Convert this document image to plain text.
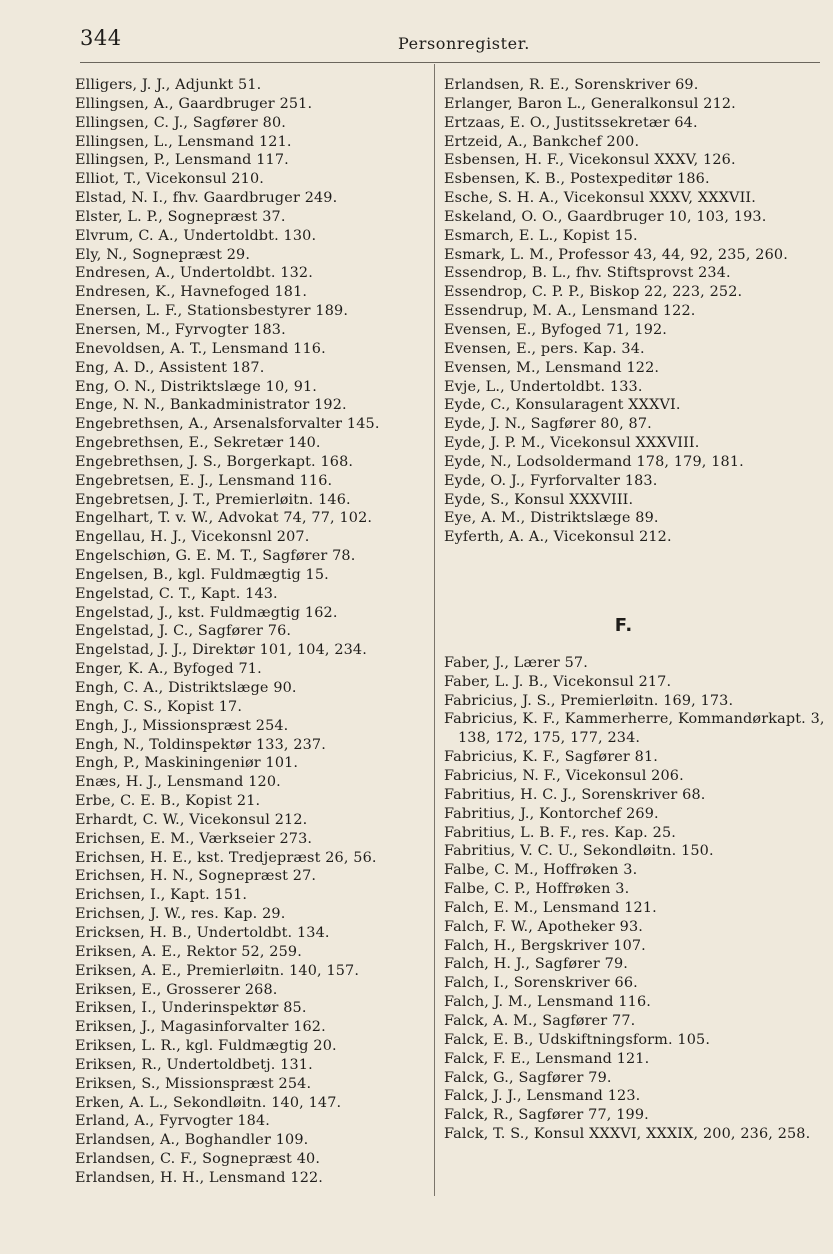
344	Personregister.
Elligers, J. J., Adjunkt 51.
Ellingsen, A., Gaardbruger 251.
Ellingsen, C. J., Sagfører 80.
Ellingsen, L., Lensmand 121.
Ellingsen, P., Lensmand 117.
Elliot, T., Vicekonsul 210.
Elstad, N. I., fhv. Gaardbruger 249.
Elster, L. P., Sognepræst 37.
Elvrum, C. A., Undertoldbt. 130.
Ely, N., Sognepræst 29.
Endresen, A., Undertoldbt. 132.
Endresen, K., Havnefoged 181.
Enersen, L. F., Stationsbestyrer 189.
Enersen, M., Fyrvogter 183.
Enevoldsen, A. T., Lensmand 116.
Eng, A. D., Assistent 187.
Eng, O. N., Distriktslæge 10, 91.
Enge, N. N., Bankadministrator 192.
Engebrethsen, A., Arsenalsforvalter 145.
Engebrethsen, E., Sekretær 140.
Engebrethsen, J. S., Borgerkapt. 168.
Engebretsen, E. J., Lensmand 116.
Engebretsen, J. T., Premierløitn. 146.
Engelhart, T. v. W., Advokat 74, 77, 102.
Engellau, H. J., Vicekonsnl 207.
Engelschiøn, G. E. M. T., Sagfører 78.
Engelsen, B., kgl. Fuldmægtig 15.
Engelstad, C. T., Kapt. 143.
Engelstad, J., kst. Fuldmægtig 162.
Engelstad, J. C., Sagfører 76.
Engelstad, J. J., Direktør 101, 104, 234.
Enger, K. A., Byfoged 71.
Engh, C. A., Distriktslæge 90.
Engh, C. S., Kopist 17.
Engh, J., Missionspræst 254.
Engh, N., Toldinspektør 133, 237.
Engh, P., Maskiningeniør 101.
Enæs, H. J., Lensmand 120.
Erbe, C. E. B., Kopist 21.
Erhardt, C. W., Vicekonsul 212.
Erichsen, E. M., Værkseier 273.
Erichsen, H. E., kst. Tredjepræst 26, 56.
Erichsen, H. N., Sognepræst 27.
Erichsen, I., Kapt. 151.
Erichsen, J. W., res. Kap. 29.
Ericksen, H. B., Undertoldbt. 134.
Eriksen, A. E., Rektor 52, 259.
Eriksen, A. E., Premierløitn. 140, 157.
Eriksen, E., Grosserer 268.
Eriksen, I., Underinspektør 85.
Eriksen, J., Magasinforvalter 162.
Eriksen, L. R., kgl. Fuldmægtig 20.
Eriksen, R., Undertoldbetj. 131.
Eriksen, S., Missionspræst 254.
Erken, A. L., Sekondløitn. 140, 147.
Erland, A., Fyrvogter 184.
Erlandsen, A., Boghandler 109.
Erlandsen, C. F., Sognepræst 40.
Erlandsen, H. H., Lensmand 122.
Erlandsen, R. E., Sorenskriver 69.
Erlanger, Baron L., Generalkonsul 212.
Ertzaas, E. O., Justitssekretær 64.
Ertzeid, A., Bankchef 200.
Esbensen, H. F., Vicekonsul XXXV, 126.
Esbensen, K. B., Postexpeditør 186.
Esche, S. H. A., Vicekonsul XXXV, XXXVII.
Eskeland, O. O., Gaardbruger 10, 103, 193.
Esmarch, E. L., Kopist 15.
Esmark, L. M., Professor 43, 44, 92, 235, 260.
Essendrop, B. L., fhv. Stiftsprovst 234.
Essendrop, C. P. P., Biskop 22, 223, 252.
Essendrup, M. A., Lensmand 122.
Evensen, E., Byfoged 71, 192.
Evensen, E., pers. Kap. 34.
Evensen, M., Lensmand 122.
Evje, L., Undertoldbt. 133.
Eyde, C., Konsularagent XXXVI.
Eyde, J. N., Sagfører 80, 87.
Eyde, J. P. M., Vicekonsul XXXVIII.
Eyde, N., Lodsoldermand 178, 179, 181.
Eyde, O. J., Fyrforvalter 183.
Eyde, S., Konsul XXXVIII.
Eye, A. M., Distriktslæge 89.
Eyferth, A. A., Vicekonsul 212.
F.
Faber, J., Lærer 57.
Faber, L. J. B., Vicekonsul 217.
Fabricius, J. S., Premierløitn. 169, 173.
Fabricius, K. F., Kammerherre, Kommandørkapt. 3, 138, 172, 175, 177, 234.
Fabricius, K. F., Sagfører 81.
Fabricius, N. F., Vicekonsul 206.
Fabritius, H. C. J., Sorenskriver 68.
Fabritius, J., Kontorchef 269.
Fabritius, L. B. F., res. Kap. 25.
Fabritius, V. C. U., Sekondløitn. 150.
Falbe, C. M., Hoffrøken 3.
Falbe, C. P., Hoffrøken 3.
Falch, E. M., Lensmand 121.
Falch, F. W., Apotheker 93.
Falch, H., Bergskriver 107.
Falch, H. J., Sagfører 79.
Falch, I., Sorenskriver 66.
Falch, J. M., Lensmand 116.
Falck, A. M., Sagfører 77.
Falck, E. B., Udskiftningsform. 105.
Falck, F. E., Lensmand 121.
Falck, G., Sagfører 79.
Falck, J. J., Lensmand 123.
Falck, R., Sagfører 77, 199.
Falck, T. S., Konsul XXXVI, XXXIX, 200, 236, 258.
